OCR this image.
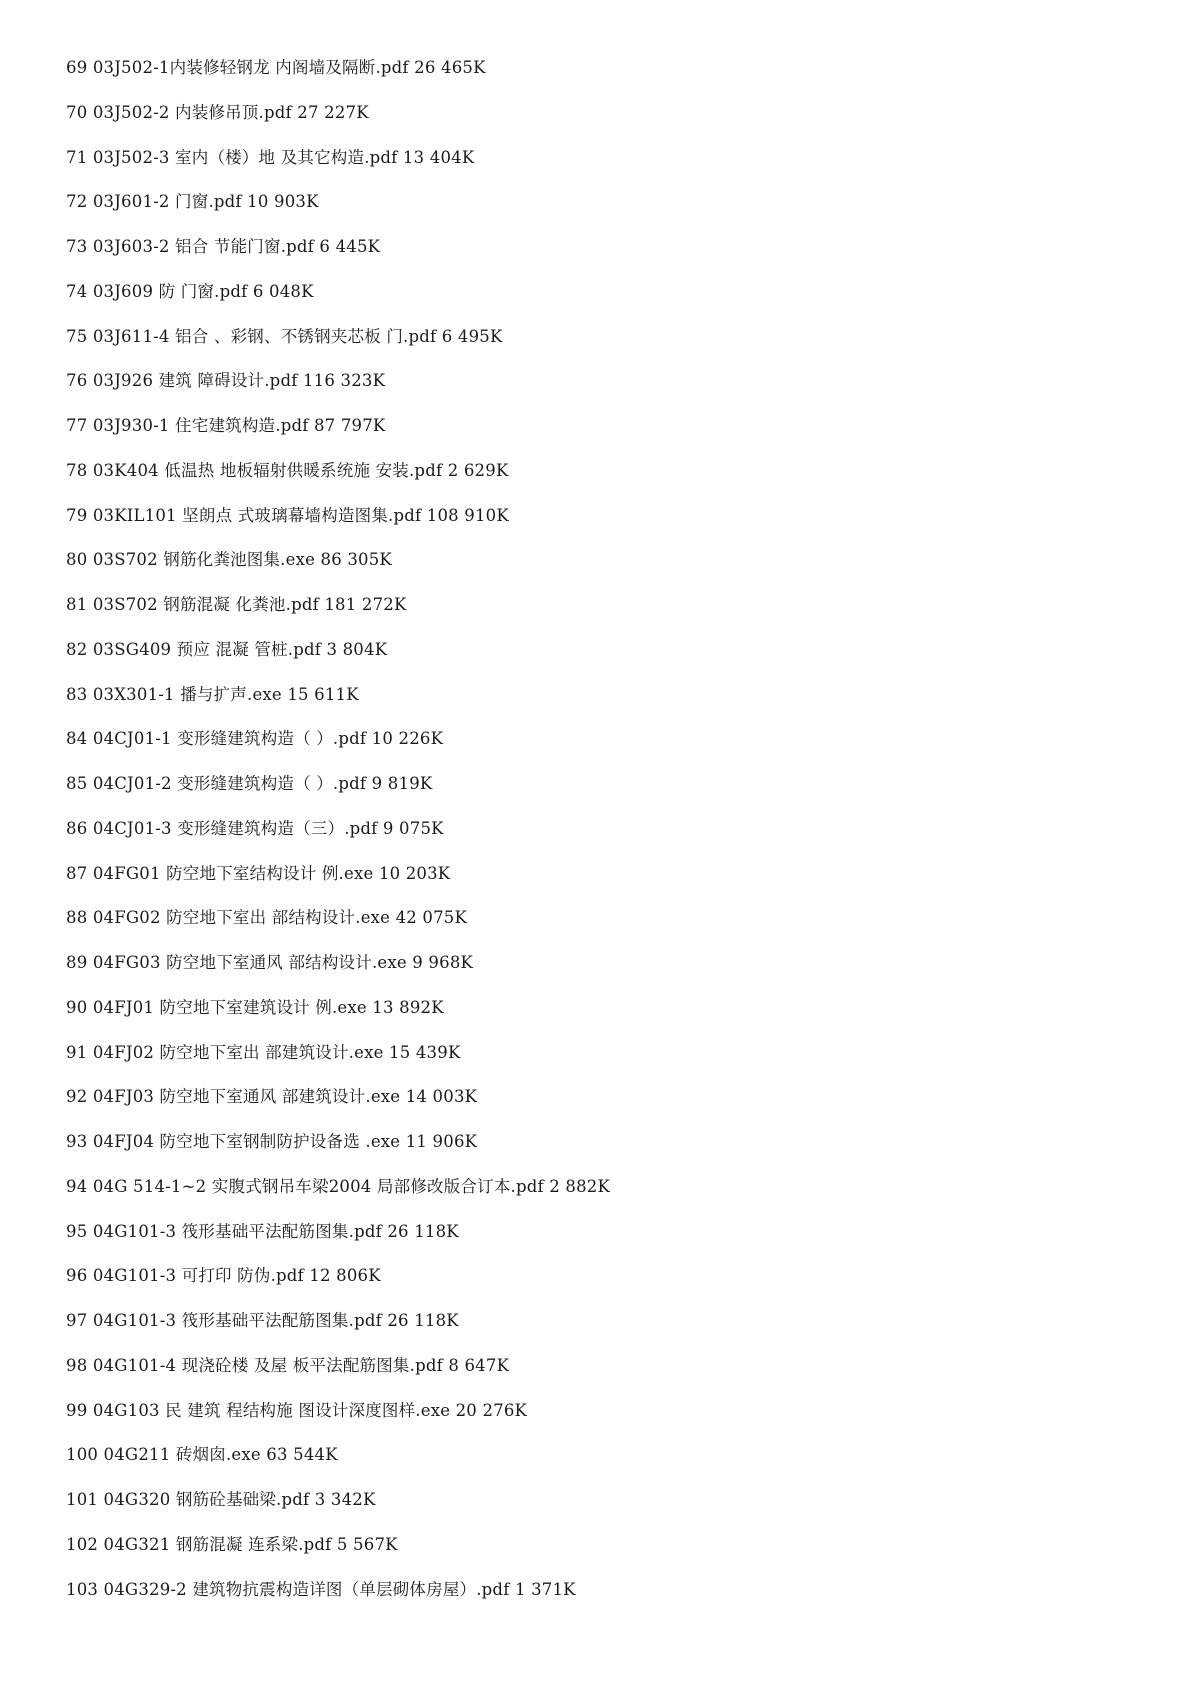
69 03J502-1内装修轻钢龙 内阁墙及隔断.pdf 26 465K
70 03J502-2 内装修吊顶.pdf 27 227K
71 03J502-3 室内（楼）地 及其它构造.pdf 13 404K
72 03J601-2 门窗.pdf 10 903K
73 03J603-2 铝合 节能门窗.pdf 6 445K
74 03J609 防 门窗.pdf 6 048K
75 03J611-4 铝合 、彩钢、不锈钢夹芯板 门.pdf 6 495K
76 03J926 建筑 障碍设计.pdf 116 323K
77 03J930-1 住宅建筑构造.pdf 87 797K
78 03K404 低温热 地板辐射供暖系统施 安装.pdf 2 629K
79 03KIL101 坚朗点 式玻璃幕墙构造图集.pdf 108 910K
80 03S702 钢筋化粪池图集.exe 86 305K
81 03S702 钢筋混凝 化粪池.pdf 181 272K
82 03SG409 预应 混凝 管桩.pdf 3 804K
83 03X301-1 播与扩声.exe 15 611K
84 04CJ01-1 变形缝建筑构造（ ）.pdf 10 226K
85 04CJ01-2 变形缝建筑构造（ ）.pdf 9 819K
86 04CJ01-3 变形缝建筑构造（三）.pdf 9 075K
87 04FG01 防空地下室结构设计 例.exe 10 203K
88 04FG02 防空地下室出 部结构设计.exe 42 075K
89 04FG03 防空地下室通风 部结构设计.exe 9 968K
90 04FJ01 防空地下室建筑设计 例.exe 13 892K
91 04FJ02 防空地下室出 部建筑设计.exe 15 439K
92 04FJ03 防空地下室通风 部建筑设计.exe 14 003K
93 04FJ04 防空地下室钢制防护设备选 .exe 11 906K
94 04G 514-1~2 实腹式钢吊车梁2004 局部修改版合订本.pdf 2 882K
95 04G101-3 筏形基础平法配筋图集.pdf 26 118K
96 04G101-3 可打印 防伪.pdf 12 806K
97 04G101-3 筏形基础平法配筋图集.pdf 26 118K
98 04G101-4 现浇砼楼 及屋 板平法配筋图集.pdf 8 647K
99 04G103 民 建筑 程结构施 图设计深度图样.exe 20 276K
100 04G211 砖烟囱.exe 63 544K
101 04G320 钢筋砼基础梁.pdf 3 342K
102 04G321 钢筋混凝 连系梁.pdf 5 567K
103 04G329-2 建筑物抗震构造详图（单层砌体房屋）.pdf 1 371K
